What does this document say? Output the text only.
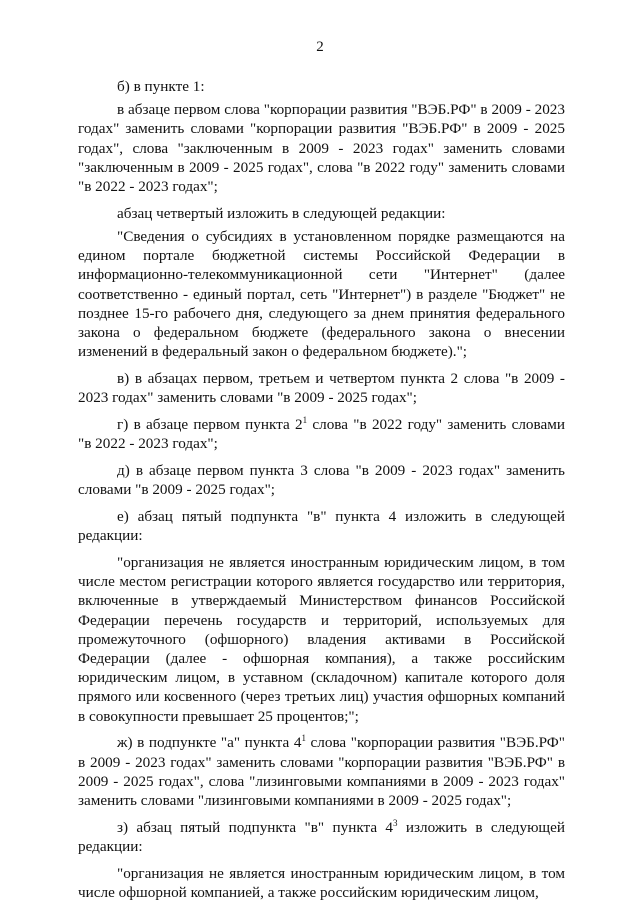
2

б) в пункте 1:

в абзаце первом слова "корпорации развития "ВЭБ.РФ" в 2009 - 2023 годах" заменить словами "корпорации развития "ВЭБ.РФ" в 2009 - 2025 годах", слова "заключенным в 2009 - 2023 годах" заменить словами "заключенным в 2009 - 2025 годах", слова "в 2022 году" заменить словами "в 2022 - 2023 годах";

абзац четвертый изложить в следующей редакции:

"Сведения о субсидиях в установленном порядке размещаются на едином портале бюджетной системы Российской Федерации в информационно-телекоммуникационной сети "Интернет" (далее соответственно - единый портал, сеть "Интернет") в разделе "Бюджет" не позднее 15-го рабочего дня, следующего за днем принятия федерального закона о федеральном бюджете (федерального закона о внесении изменений в федеральный закон о федеральном бюджете).";

в) в абзацах первом, третьем и четвертом пункта 2 слова "в 2009 - 2023 годах" заменить словами "в 2009 - 2025 годах";

г) в абзаце первом пункта $2^1$ слова "в 2022 году" заменить словами "в 2022 - 2023 годах";

д) в абзаце первом пункта 3 слова "в 2009 - 2023 годах" заменить словами "в 2009 - 2025 годах";

е) абзац пятый подпункта "в" пункта 4 изложить в следующей редакции:

"организация не является иностранным юридическим лицом, в том числе местом регистрации которого является государство или территория, включенные в утверждаемый Министерством финансов Российской Федерации перечень государств и территорий, используемых для промежуточного (офшорного) владения активами в Российской Федерации (далее - офшорная компания), а также российским юридическим лицом, в уставном (складочном) капитале которого доля прямого или косвенного (через третьих лиц) участия офшорных компаний в совокупности превышает 25 процентов;";

ж) в подпункте "а" пункта $4^1$ слова "корпорации развития "ВЭБ.РФ" в 2009 - 2023 годах" заменить словами "корпорации развития "ВЭБ.РФ" в 2009 - 2025 годах", слова "лизинговыми компаниями в 2009 - 2023 годах" заменить словами "лизинговыми компаниями в 2009 - 2025 годах";

з) абзац пятый подпункта "в" пункта $4^3$ изложить в следующей редакции:

"организация не является иностранным юридическим лицом, в том числе офшорной компанией, а также российским юридическим лицом,
